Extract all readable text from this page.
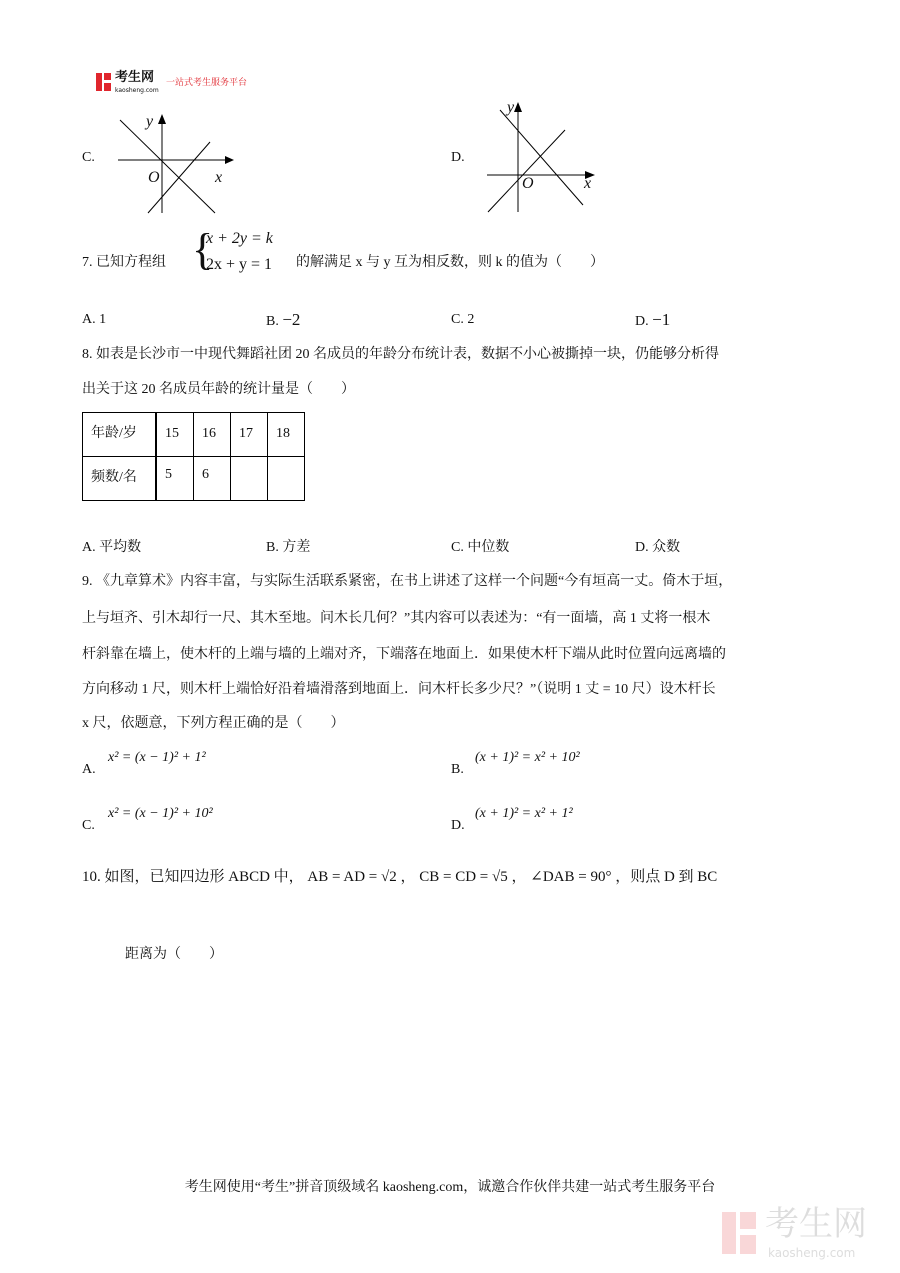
考生网
kaosheng.com
一站式考生服务平台
C.
y
O	x
D.
y
O	x
7. 已知方程组 {
x + 2y = k
2x + y = 1 的解满足 x 与 y 互为相反数，则 k 的值为（　　）
A. 1	B. −2	C. 2	D. −1
8. 如表是长沙市一中现代舞蹈社团 20 名成员的年龄分布统计表，数据不小心被撕掉一块，仍能够分析得
出关于这 20 名成员年龄的统计量是（　　）
年龄/岁	15	16	17	18
频数/名	5	6		
A. 平均数	B. 方差	C. 中位数	D. 众数
9. 《九章算术》内容丰富，与实际生活联系紧密，在书上讲述了这样一个问题“今有垣高一丈。倚木于垣，
上与垣齐、引木却行一尺、其木至地。问木长几何？”其内容可以表述为：“有一面墙，高 1 丈将一根木
杆斜靠在墙上，使木杆的上端与墙的上端对齐，下端落在地面上．如果使木杆下端从此时位置向远离墙的
方向移动 1 尺，则木杆上端恰好沿着墙滑落到地面上．问木杆长多少尺？”（说明 1 丈 = 10 尺）设木杆长
x 尺，依题意，下列方程正确的是（　　）
A.
x² = (x − 1)² + 1²
B.
(x + 1)² = x² + 10²
C.
x² = (x − 1)² + 10²
D.
(x + 1)² = x² + 1²
10. 如图，已知四边形 ABCD 中， AB = AD = √2 ， CB = CD = √5 ， ∠DAB = 90° ，则点 D 到 BC
距离为（　　）
考生网使用“考生”拼音顶级域名 kaosheng.com，诚邀合作伙伴共建一站式考生服务平台
考生网
kaosheng.com
